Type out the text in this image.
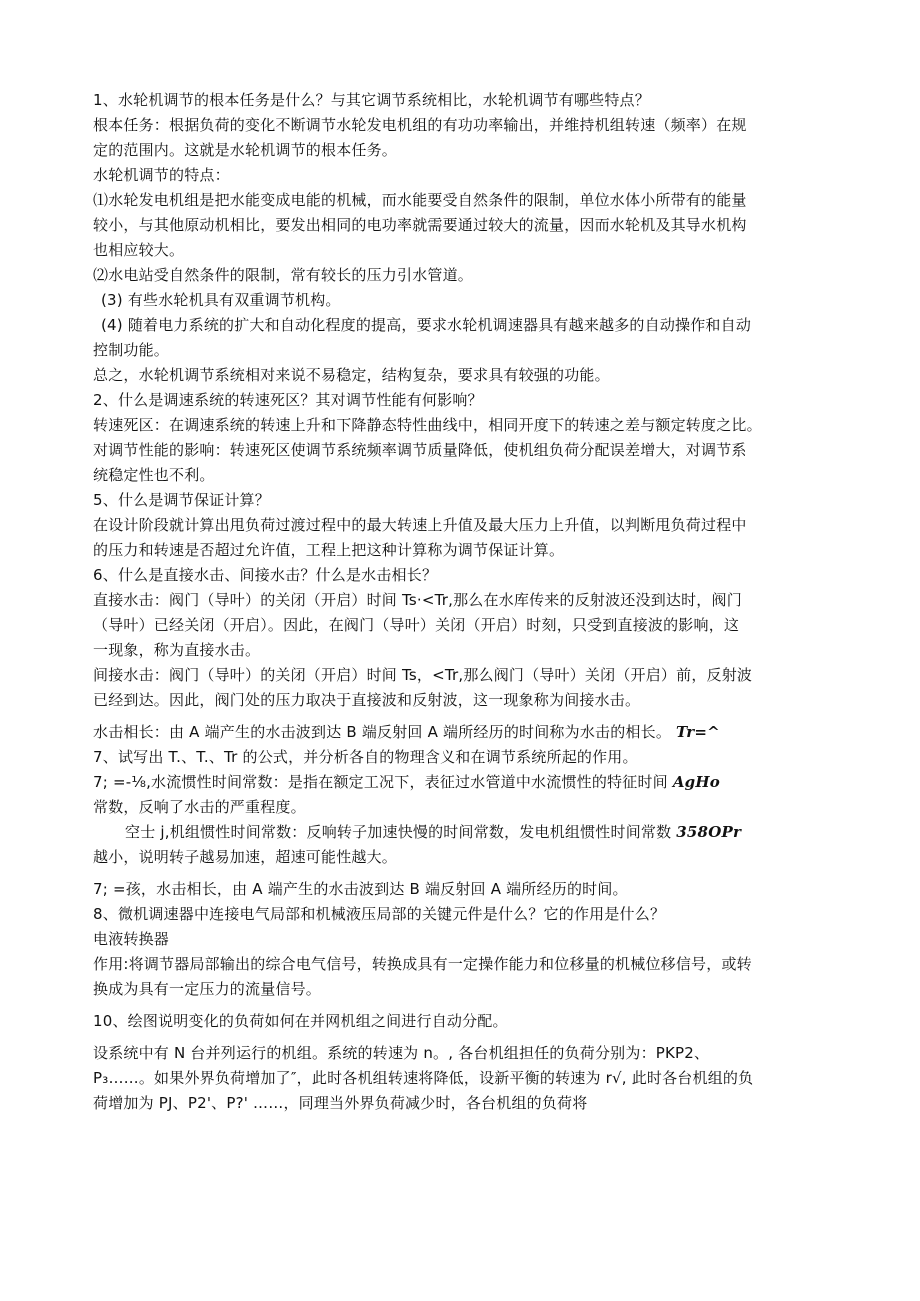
1、水轮机调节的根本任务是什么？与其它调节系统相比，水轮机调节有哪些特点？

根本任务：根据负荷的变化不断调节水轮发电机组的有功功率输出，并维持机组转速（频率）在规

定的范围内。这就是水轮机调节的根本任务。

水轮机调节的特点：

⑴水轮发电机组是把水能变成电能的机械，而水能要受自然条件的限制，单位水体小所带有的能量

较小，与其他原动机相比，要发出相同的电功率就需要通过较大的流量，因而水轮机及其导水机构

也相应较大。

⑵水电站受自然条件的限制，常有较长的压力引水管道。

(3) 有些水轮机具有双重调节机构。

(4) 随着电力系统的扩大和自动化程度的提高，要求水轮机调速器具有越来越多的自动操作和自动

控制功能。

总之，水轮机调节系统相对来说不易稳定，结构复杂，要求具有较强的功能。

2、什么是调速系统的转速死区？其对调节性能有何影响？

转速死区：在调速系统的转速上升和下降静态特性曲线中，相同开度下的转速之差与额定转度之比。

对调节性能的影响：转速死区使调节系统频率调节质量降低，使机组负荷分配误差增大，对调节系

统稳定性也不利。

5、什么是调节保证计算？

在设计阶段就计算出甩负荷过渡过程中的最大转速上升值及最大压力上升值，以判断甩负荷过程中

的压力和转速是否超过允许值，工程上把这种计算称为调节保证计算。

6、什么是直接水击、间接水击？什么是水击相长？

直接水击：阀门（导叶）的关闭（开启）时间 Ts·<Tr,那么在水库传来的反射波还没到达时，阀门

（导叶）已经关闭（开启）。因此，在阀门（导叶）关闭（开启）时刻，只受到直接波的影响，这

一现象，称为直接水击。

间接水击：阀门（导叶）的关闭（开启）时间 Ts，<Tr,那么阀门（导叶）关闭（开启）前，反射波

已经到达。因此，阀门处的压力取决于直接波和反射波，这一现象称为间接水击。

水击相长：由 A 端产生的水击波到达 B 端反射回 A 端所经历的时间称为水击的相长。 Tr=^

7、试写出 T.、T.、Tr 的公式，并分析各自的物理含义和在调节系统所起的作用。

7; =-⅛,水流惯性时间常数：是指在额定工况下，表征过水管道中水流惯性的特征时间 AgHo

常数，反响了水击的严重程度。

空士 j,机组惯性时间常数：反响转子加速快慢的时间常数，发电机组惯性时间常数 358OPr

越小，说明转子越易加速，超速可能性越大。

7; =孩，水击相长，由 A 端产生的水击波到达 B 端反射回 A 端所经历的时间。

8、微机调速器中连接电气局部和机械液压局部的关键元件是什么？它的作用是什么？

电液转换器

作用:将调节器局部输出的综合电气信号，转换成具有一定操作能力和位移量的机械位移信号，或转

换成为具有一定压力的流量信号。

10、绘图说明变化的负荷如何在并网机组之间进行自动分配。

设系统中有 N 台并列运行的机组。系统的转速为 n。, 各台机组担任的负荷分别为：PKP2、

P₃……。如果外界负荷增加了″，此时各机组转速将降低，设新平衡的转速为 r√, 此时各台机组的负

荷增加为 PJ、P2'、P?' ……，同理当外界负荷减少时，各台机组的负荷将
